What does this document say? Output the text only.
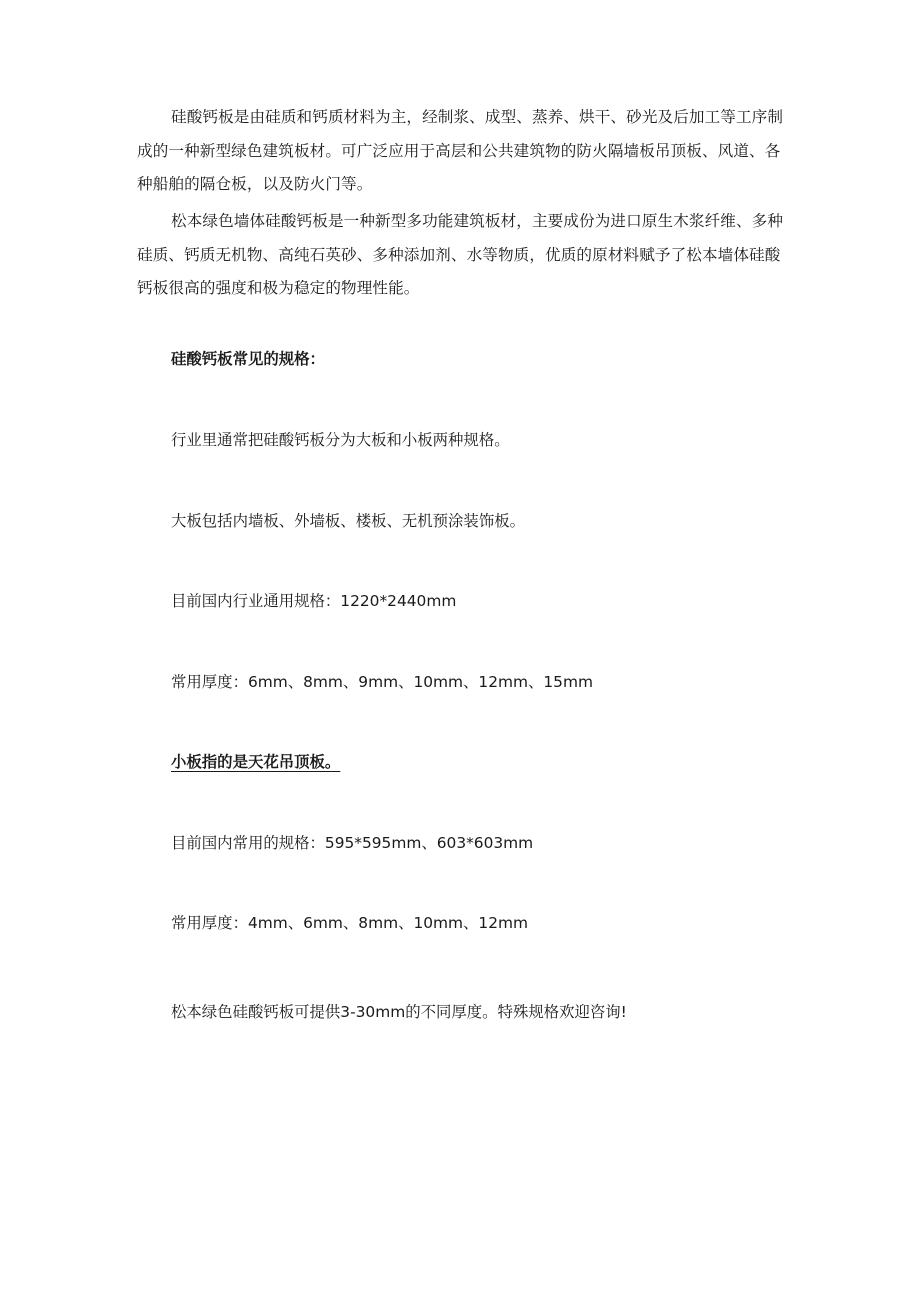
硅酸钙板是由硅质和钙质材料为主，经制浆、成型、蒸养、烘干、砂光及后加工等工序制成的一种新型绿色建筑板材。可广泛应用于高层和公共建筑物的防火隔墙板吊顶板、风道、各种船舶的隔仓板，以及防火门等。

松本绿色墙体硅酸钙板是一种新型多功能建筑板材，主要成份为进口原生木浆纤维、多种硅质、钙质无机物、高纯石英砂、多种添加剂、水等物质，优质的原材料赋予了松本墙体硅酸钙板很高的强度和极为稳定的物理性能。

硅酸钙板常见的规格：

行业里通常把硅酸钙板分为大板和小板两种规格。

大板包括内墙板、外墙板、楼板、无机预涂装饰板。

目前国内行业通用规格：1220*2440mm

常用厚度：6mm、8mm、9mm、10mm、12mm、15mm

小板指的是天花吊顶板。

目前国内常用的规格：595*595mm、603*603mm

常用厚度：4mm、6mm、8mm、10mm、12mm

松本绿色硅酸钙板可提供3-30mm的不同厚度。特殊规格欢迎咨询!
